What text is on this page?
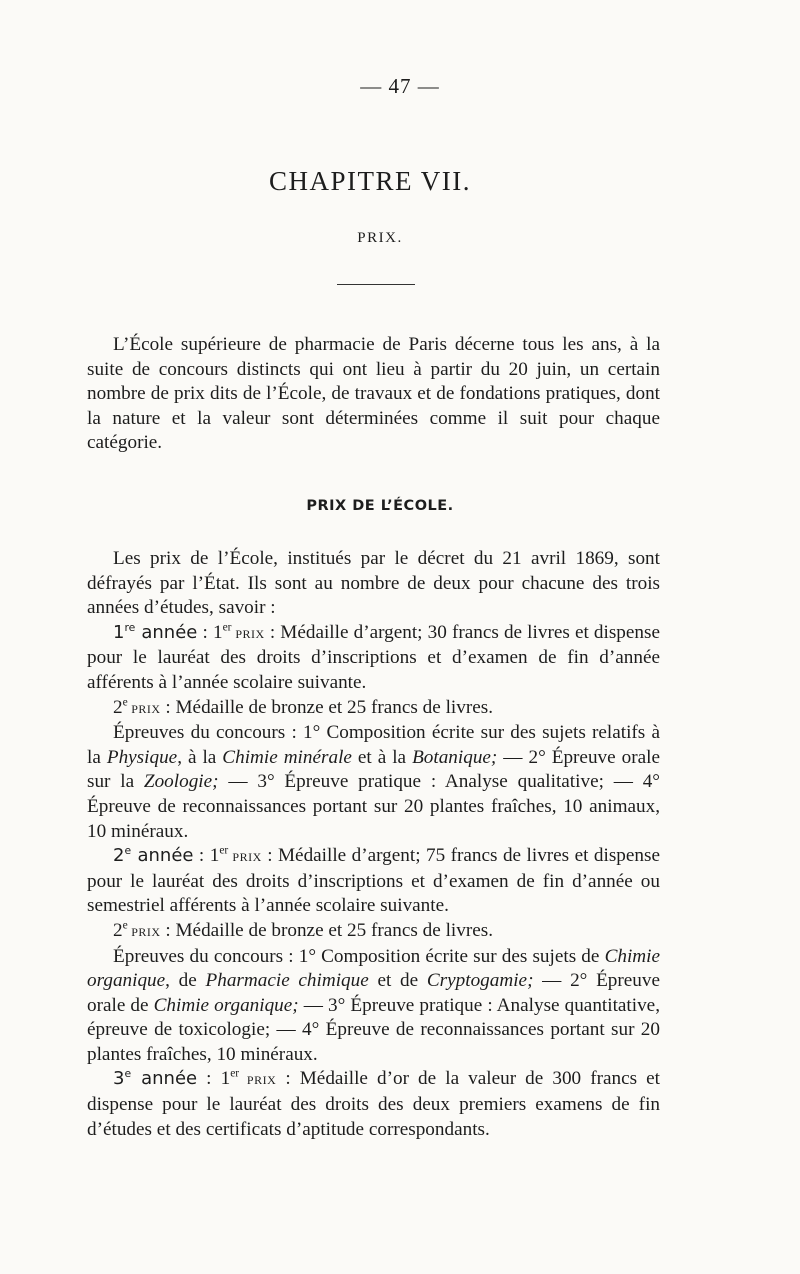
— 47 —
CHAPITRE VII.
PRIX.

L’École supérieure de pharmacie de Paris décerne tous les ans, à la suite de concours distincts qui ont lieu à partir du 20 juin, un certain nombre de prix dits de l’École, de travaux et de fondations pratiques, dont la nature et la valeur sont déterminées comme il suit pour chaque catégorie.

PRIX DE L’ÉCOLE.

Les prix de l’École, institués par le décret du 21 avril 1869, sont défrayés par l’État. Ils sont au nombre de deux pour chacune des trois années d’études, savoir :

1re année : 1er PRIX : Médaille d’argent; 30 francs de livres et dispense pour le lauréat des droits d’inscriptions et d’examen de fin d’année afférents à l’année scolaire suivante.

2e PRIX : Médaille de bronze et 25 francs de livres.

Épreuves du concours : 1° Composition écrite sur des sujets relatifs à la Physique, à la Chimie minérale et à la Botanique; — 2° Épreuve orale sur la Zoologie; — 3° Épreuve pratique : Analyse qualitative; — 4° Épreuve de reconnaissances portant sur 20 plantes fraîches, 10 animaux, 10 minéraux.

2e année : 1er PRIX : Médaille d’argent; 75 francs de livres et dispense pour le lauréat des droits d’inscriptions et d’examen de fin d’année ou semestriel afférents à l’année scolaire suivante.

2e PRIX : Médaille de bronze et 25 francs de livres.

Épreuves du concours : 1° Composition écrite sur des sujets de Chimie organique, de Pharmacie chimique et de Cryptogamie; — 2° Épreuve orale de Chimie organique; — 3° Épreuve pratique : Analyse quantitative, épreuve de toxicologie; — 4° Épreuve de reconnaissances portant sur 20 plantes fraîches, 10 minéraux.

3e année : 1er PRIX : Médaille d’or de la valeur de 300 francs et dispense pour le lauréat des droits des deux premiers examens de fin d’études et des certificats d’aptitude correspondants.
